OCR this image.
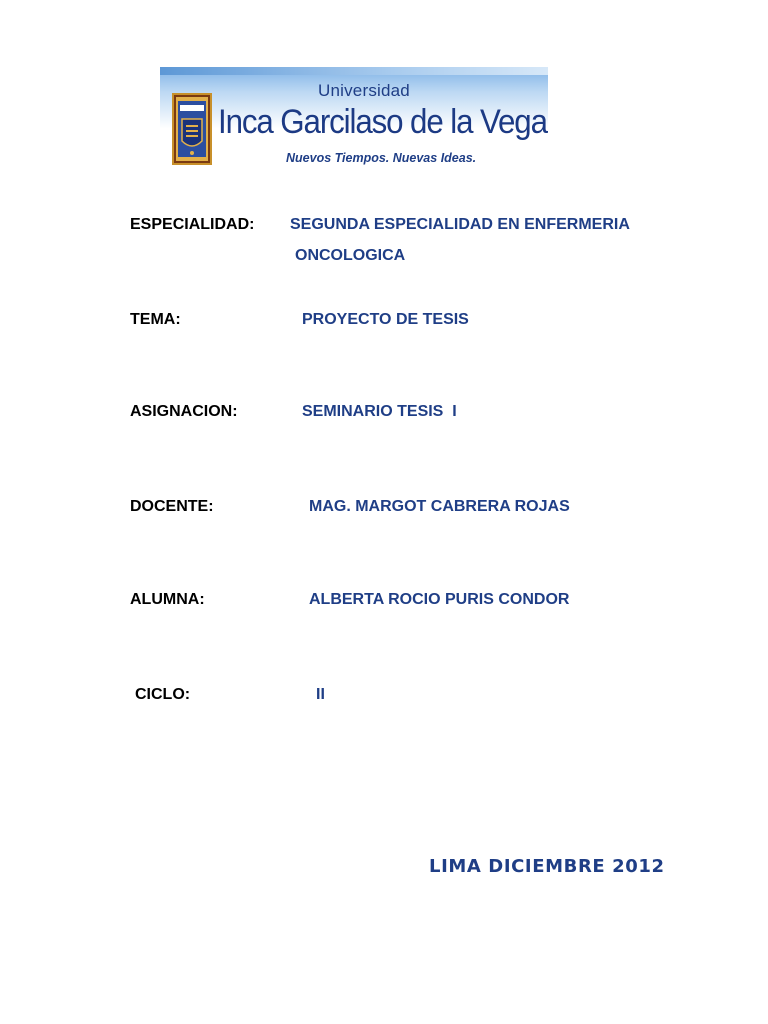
Universidad
Inca Garcilaso de la Vega
Nuevos Tiempos. Nuevas Ideas.
ESPECIALIDAD: SEGUNDA ESPECIALIDAD EN ENFERMERIA
ONCOLOGICA
TEMA:	PROYECTO DE TESIS
ASIGNACION:	SEMINARIO TESIS  I
DOCENTE:	MAG. MARGOT CABRERA ROJAS
ALUMNA:	ALBERTA ROCIO PURIS CONDOR
CICLO:	II
LIMA DICIEMBRE 2012
